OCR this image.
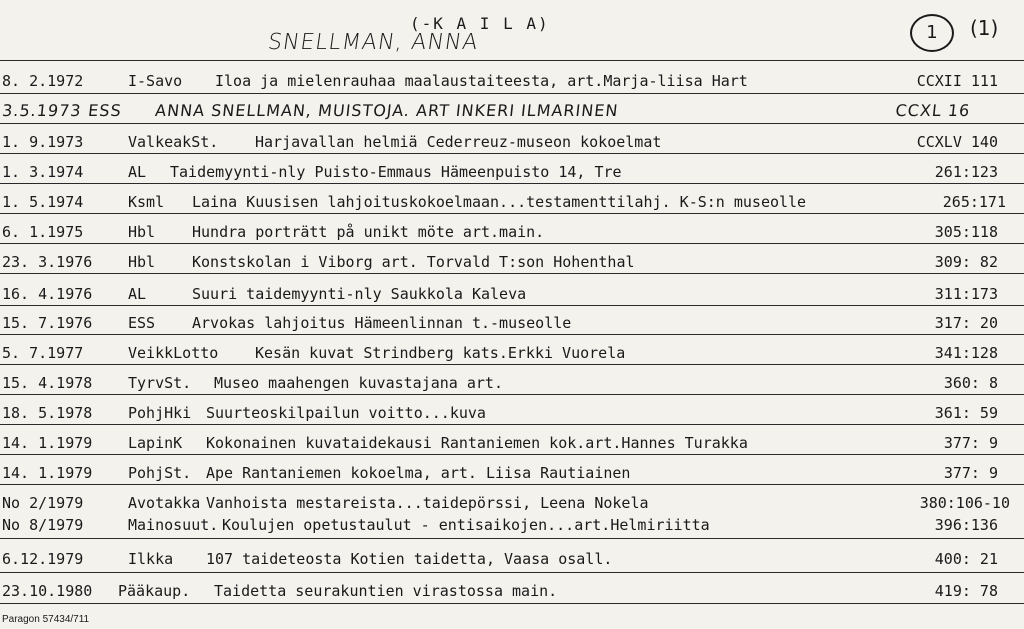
(-K A I L A)
SNELLMAN, ANNA	1	(1)
8. 2.1972	I-Savo Iloa ja mielenrauhaa maalaustaiteesta, art.Marja-liisa Hart	CCXII 111
3.5.1973 ESS ANNA SNELLMAN, MUISTOJA. ART INKERI ILMARINEN	CCXL 16
1. 9.1973	ValkeakSt. Harjavallan helmiä Cederreuz-museon kokoelmat	CCXLV 140
1. 3.1974	AL Taidemyynti-nly Puisto-Emmaus Hämeenpuisto 14, Tre	261:123
1. 5.1974	Ksml Laina Kuusisen lahjoituskokoelmaan...testamenttilahj. K-S:n museolle	265:171
6. 1.1975	Hbl Hundra porträtt på unikt möte art.main.	305:118
23. 3.1976 Hbl Konstskolan i Viborg art. Torvald T:son Hohenthal	309: 82
16. 4.1976 AL	Suuri taidemyynti-nly Saukkola Kaleva	311:173
15. 7.1976 ESS Arvokas lahjoitus Hämeenlinnan t.-museolle	317: 20
5. 7.1977	VeikkLotto Kesän kuvat Strindberg kats.Erkki Vuorela	341:128
15. 4.1978 TyrvSt. Museo maahengen kuvastajana art.	360: 8
18. 5.1978 PohjHki Suurteoskilpailun voitto...kuva	361: 59
14. 1.1979 LapinK Kokonainen kuvataidekausi Rantaniemen kok.art.Hannes Turakka	377: 9
14. 1.1979 PohjSt. Ape Rantaniemen kokoelma, art. Liisa Rautiainen	377: 9
No 2/1979	Avotakka Vanhoista mestareista...taidepörssi, Leena Nokela	380:106-10
No 8/1979	Mainosuut. Koulujen opetustaulut - entisaikojen...art.Helmiriitta	396:136
6.12.1979	Ilkka 107 taideteosta Kotien taidetta, Vaasa osall.	400: 21
23.10.1980 Pääkaup. Taidetta seurakuntien virastossa main.	419: 78
Paragon 57434/711
